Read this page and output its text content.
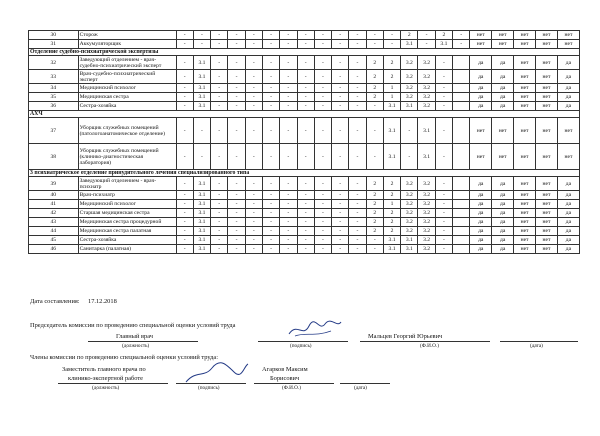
30	Сторож	-	-	-	-	-	-	-	-	-	-	-	-	-	2	-	2	-	нет	нет	нет	нет	нет
31	Аккумуляторщик	-	-	-	-	-	-	-	-	-	-	-	-	-	3.1	-	3.1	-	нет	нет	нет	нет	нет
Отделение судебно-психиатрической экспертизы																							
32	Заведующий отделением - врач-судебно-психиатрический эксперт	-	3.1	-	-	-	-	-	-	-	-	-	2	2	3.2	3.2	-		да	да	нет	нет	да
33	Врач-судебно-психиатрический эксперт	-	3.1	-	-	-	-	-	-	-	-	-	2	2	3.2	3.2	-		да	да	нет	нет	да
34	Медицинский психолог	-	3.1	-	-	-	-	-	-	-	-	-	2	1	3.2	3.2	-		да	да	нет	нет	да
35	Медицинская сестра	-	3.1	-	-	-	-	-	-	-	-	-	2	1	3.2	3.2	-		да	да	нет	нет	да
36	Сестра-хозяйка	-	3.1	-	-	-	-	-	-	-	-	-	-	3.1	3.1	3.2	-		да	да	нет	нет	да
АХЧ																							
37	Уборщик служебных помещений (патологоанатомическое отделение)	-	-	-	-	-	-	-	-	-	-	-	-	3.1	-	3.1	-		нет	нет	нет	нет	нет
38	Уборщик служебных помещений (клинико-диагностическая лаборатория)	-	-	-	-	-	-	-	-	-	-	-	-	3.1	-	3.1	-		нет	нет	нет	нет	нет
3 психиатрическое отделение принудительного лечения специализированного типа																							
39	Заведующий отделением - врач-психиатр	-	3.1	-	-	-	-	-	-	-	-	-	2	2	3.2	3.2	-		да	да	нет	нет	да
40	Врач-психиатр	-	3.1	-	-	-	-	-	-	-	-	-	2	2	3.2	3.2	-		да	да	нет	нет	да
41	Медицинский психолог	-	3.1	-	-	-	-	-	-	-	-	-	2	1	3.2	3.2	-		да	да	нет	нет	да
42	Старшая медицинская сестра	-	3.1	-	-	-	-	-	-	-	-	-	2	2	3.2	3.2	-		да	да	нет	нет	да
43	Медицинская сестра процедурной	-	3.1	-	-	-	-	-	-	-	-	-	2	2	3.2	3.2	-		да	да	нет	нет	да
44	Медицинская сестра палатная	-	3.1	-	-	-	-	-	-	-	-	-	2	2	3.2	3.2	-		да	да	нет	нет	да
45	Сестра-хозяйка	-	3.1	-	-	-	-	-	-	-	-	-	-	3.1	3.1	3.2	-		да	да	нет	нет	да
46	Санитарка (палатная)	-	3.1	-	-	-	-	-	-	-	-	-	-	3.1	3.1	3.2	-		да	да	нет	нет	да
Дата составления: 17.12.2018
Председатель комиссии по проведению специальной оценки условий труда
Главный врач
(должность)	(подпись)
Мальцев Георгий Юрьевич
(Ф.И.О.)	(дата)
Члены комиссии по проведению специальной оценки условий труда:
Заместитель главного врача по
клинико-экспертной работе
(должность)	(подпись)
Агарков Максим
Борисович
(Ф.И.О.)	(дата)
